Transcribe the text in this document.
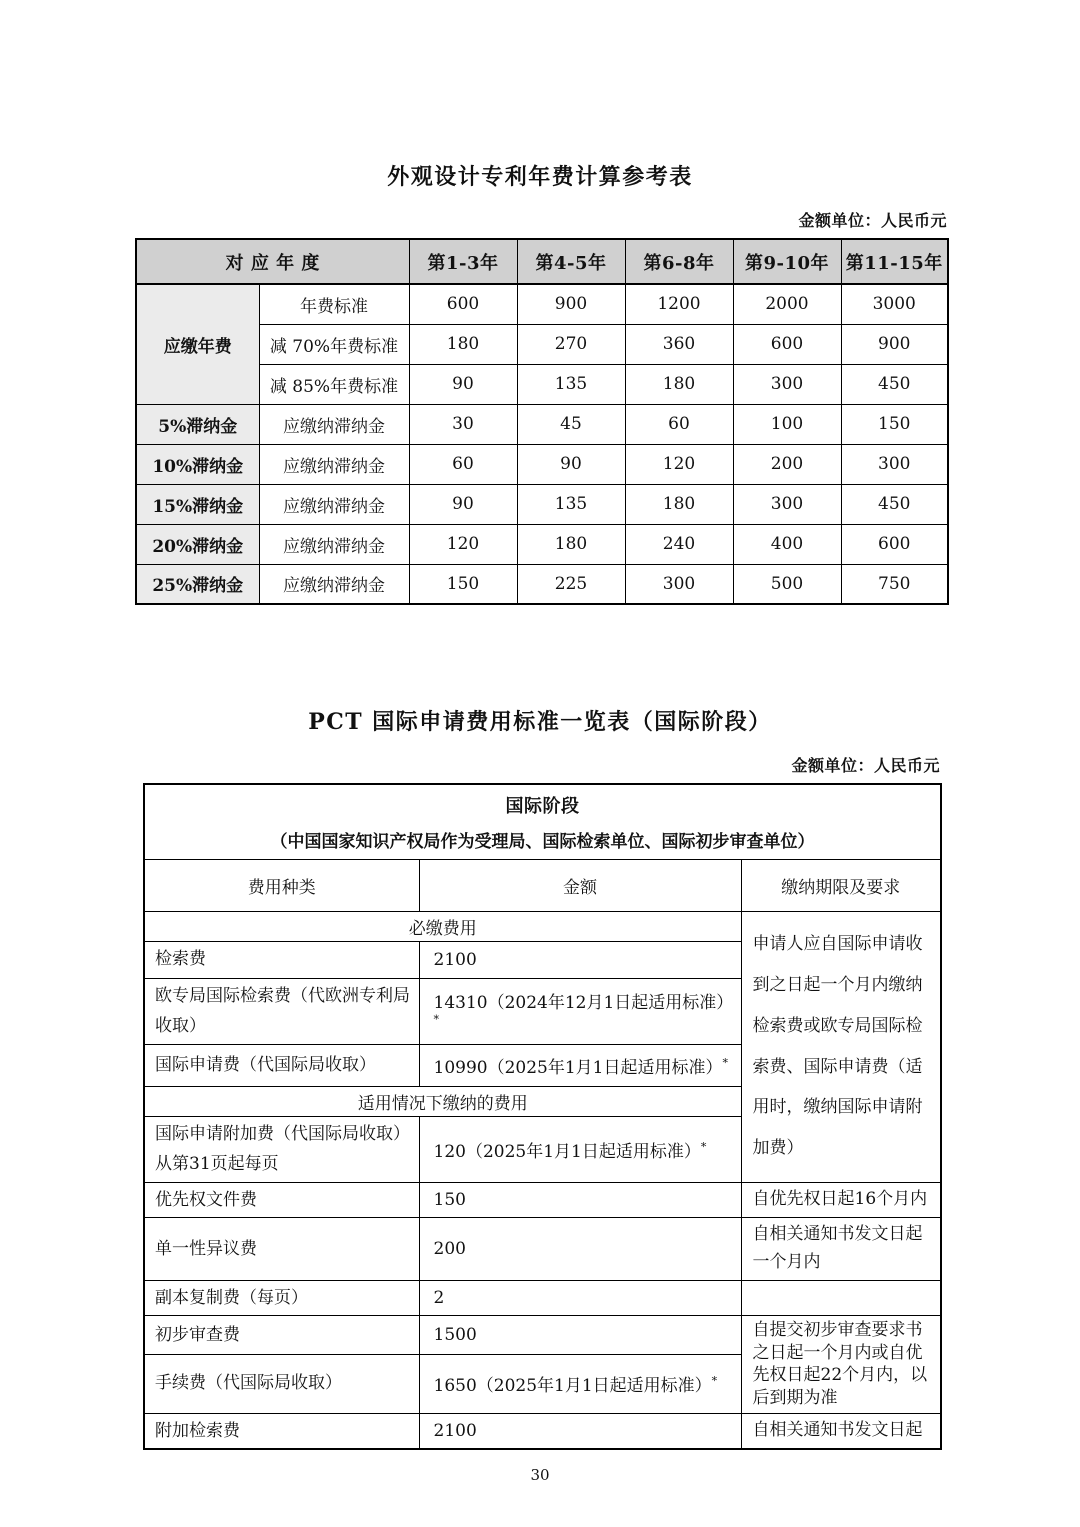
外观设计专利年费计算参考表
金额单位：人民币元
对 应 年 度		第1-3年	第4-5年	第6-8年	第9-10年	第11-15年
应缴年费	年费标准	600	900	1200	2000	3000
	减 70%年费标准	180	270	360	600	900
	减 85%年费标准	90	135	180	300	450
5%滞纳金	应缴纳滞纳金	30	45	60	100	150
10%滞纳金	应缴纳滞纳金	60	90	120	200	300
15%滞纳金	应缴纳滞纳金	90	135	180	300	450
20%滞纳金	应缴纳滞纳金	120	180	240	400	600
25%滞纳金	应缴纳滞纳金	150	225	300	500	750
PCT 国际申请费用标准一览表（国际阶段）
金额单位：人民币元
国际阶段
（中国国家知识产权局作为受理局、国际检索单位、国际初步审查单位）		

费用种类	金额	缴纳期限及要求
必缴费用		申请人应自国际申请收到之日起一个月内缴纳检索费或欧专局国际检索费、国际申请费（适用时，缴纳国际申请附加费）
检索费	2100	
欧专局国际检索费（代欧洲专利局收取）	14310（2024年12月1日起适用标准）*
国际申请费（代国际局收取）	10990（2025年1月1日起适用标准）*
适用情况下缴纳的费用		
国际申请附加费（代国际局收取）从第31页起每页	120（2025年1月1日起适用标准）*
优先权文件费	150	自优先权日起16个月内
单一性异议费	200	自相关通知书发文日起一个月内
副本复制费（每页）	2	
初步审查费	1500	自提交初步审查要求书之日起一个月内或自优先权日起22个月内，以后到期为准
手续费（代国际局收取）	1650（2025年1月1日起适用标准）*
附加检索费	2100	自相关通知书发文日起
30
